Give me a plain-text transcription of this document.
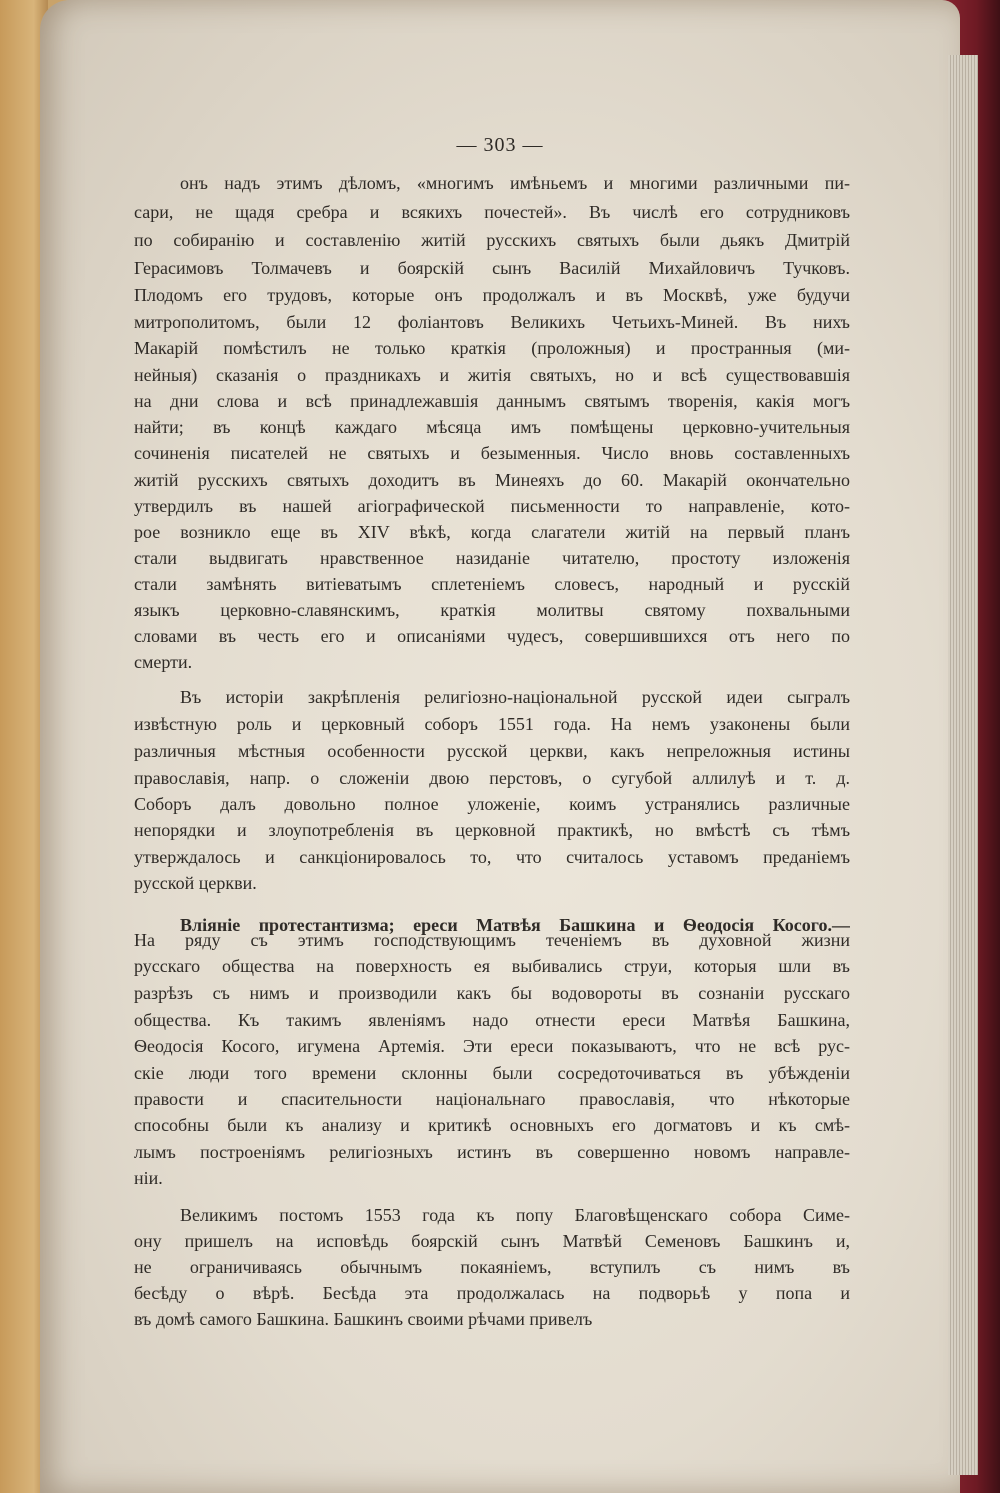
— 303 —
онъ надъ этимъ дѣломъ, «многимъ имѣньемъ и многими различными пи-
сари, не щадя сребра и всякихъ почестей». Въ числѣ его сотрудниковъ
по собиранію и составленію житій русскихъ святыхъ были дьякъ Дмитрій
Герасимовъ Толмачевъ и боярскій сынъ Василій Михайловичъ Тучковъ.
Плодомъ его трудовъ, которые онъ продолжалъ и въ Москвѣ, уже будучи
митрополитомъ, были 12 фоліантовъ Великихъ Четьихъ-Миней. Въ нихъ
Макарій помѣстилъ не только краткія (проложныя) и пространныя (ми-
нейныя) сказанія о праздникахъ и житія святыхъ, но и всѣ существовавшія
на дни слова и всѣ принадлежавшія даннымъ святымъ творенія, какія могъ
найти; въ концѣ каждаго мѣсяца имъ помѣщены церковно-учительныя
сочиненія писателей не святыхъ и безыменныя. Число вновь составленныхъ
житій русскихъ святыхъ доходитъ въ Минеяхъ до 60. Макарій окончательно
утвердилъ въ нашей агіографической письменности то направленіе, кото-
рое возникло еще въ XIV вѣкѣ, когда слагатели житій на первый планъ
стали выдвигать нравственное назиданіе читателю, простоту изложенія
стали замѣнять витіеватымъ сплетеніемъ словесъ, народный и русскій
языкъ церковно-славянскимъ, краткія молитвы святому похвальными
словами въ честь его и описаніями чудесъ, совершившихся отъ него по
смерти.
Въ исторіи закрѣпленія религіозно-національной русской идеи сыгралъ
извѣстную роль и церковный соборъ 1551 года. На немъ узаконены были
различныя мѣстныя особенности русской церкви, какъ непреложныя истины
православія, напр. о сложеніи двою перстовъ, о сугубой аллилуѣ и т. д.
Соборъ далъ довольно полное уложеніе, коимъ устранялись различные
непорядки и злоупотребленія въ церковной практикѣ, но вмѣстѣ съ тѣмъ
утверждалось и санкціонировалось то, что считалось уставомъ преданіемъ
русской церкви.
Вліяніе протестантизма; ереси Матвѣя Башкина и Ѳеодосія Косого.—
На ряду съ этимъ господствующимъ теченіемъ въ духовной жизни
русскаго общества на поверхность ея выбивались струи, которыя шли въ
разрѣзъ съ нимъ и производили какъ бы водовороты въ сознаніи русскаго
общества. Къ такимъ явленіямъ надо отнести ереси Матвѣя Башкина,
Ѳеодосія Косого, игумена Артемія. Эти ереси показываютъ, что не всѣ рус-
скіе люди того времени склонны были сосредоточиваться въ убѣжденіи
правости и спасительности національнаго православія, что нѣкоторые
способны были къ анализу и критикѣ основныхъ его догматовъ и къ смѣ-
лымъ построеніямъ религіозныхъ истинъ въ совершенно новомъ направле-
ніи.
Великимъ постомъ 1553 года къ попу Благовѣщенскаго собора Симе-
ону пришелъ на исповѣдь боярскій сынъ Матвѣй Семеновъ Башкинъ и,
не ограничиваясь обычнымъ покаяніемъ, вступилъ съ нимъ въ
бесѣду о вѣрѣ. Бесѣда эта продолжалась на подворьѣ у попа и
въ домѣ самого Башкина. Башкинъ своими рѣчами привелъ
